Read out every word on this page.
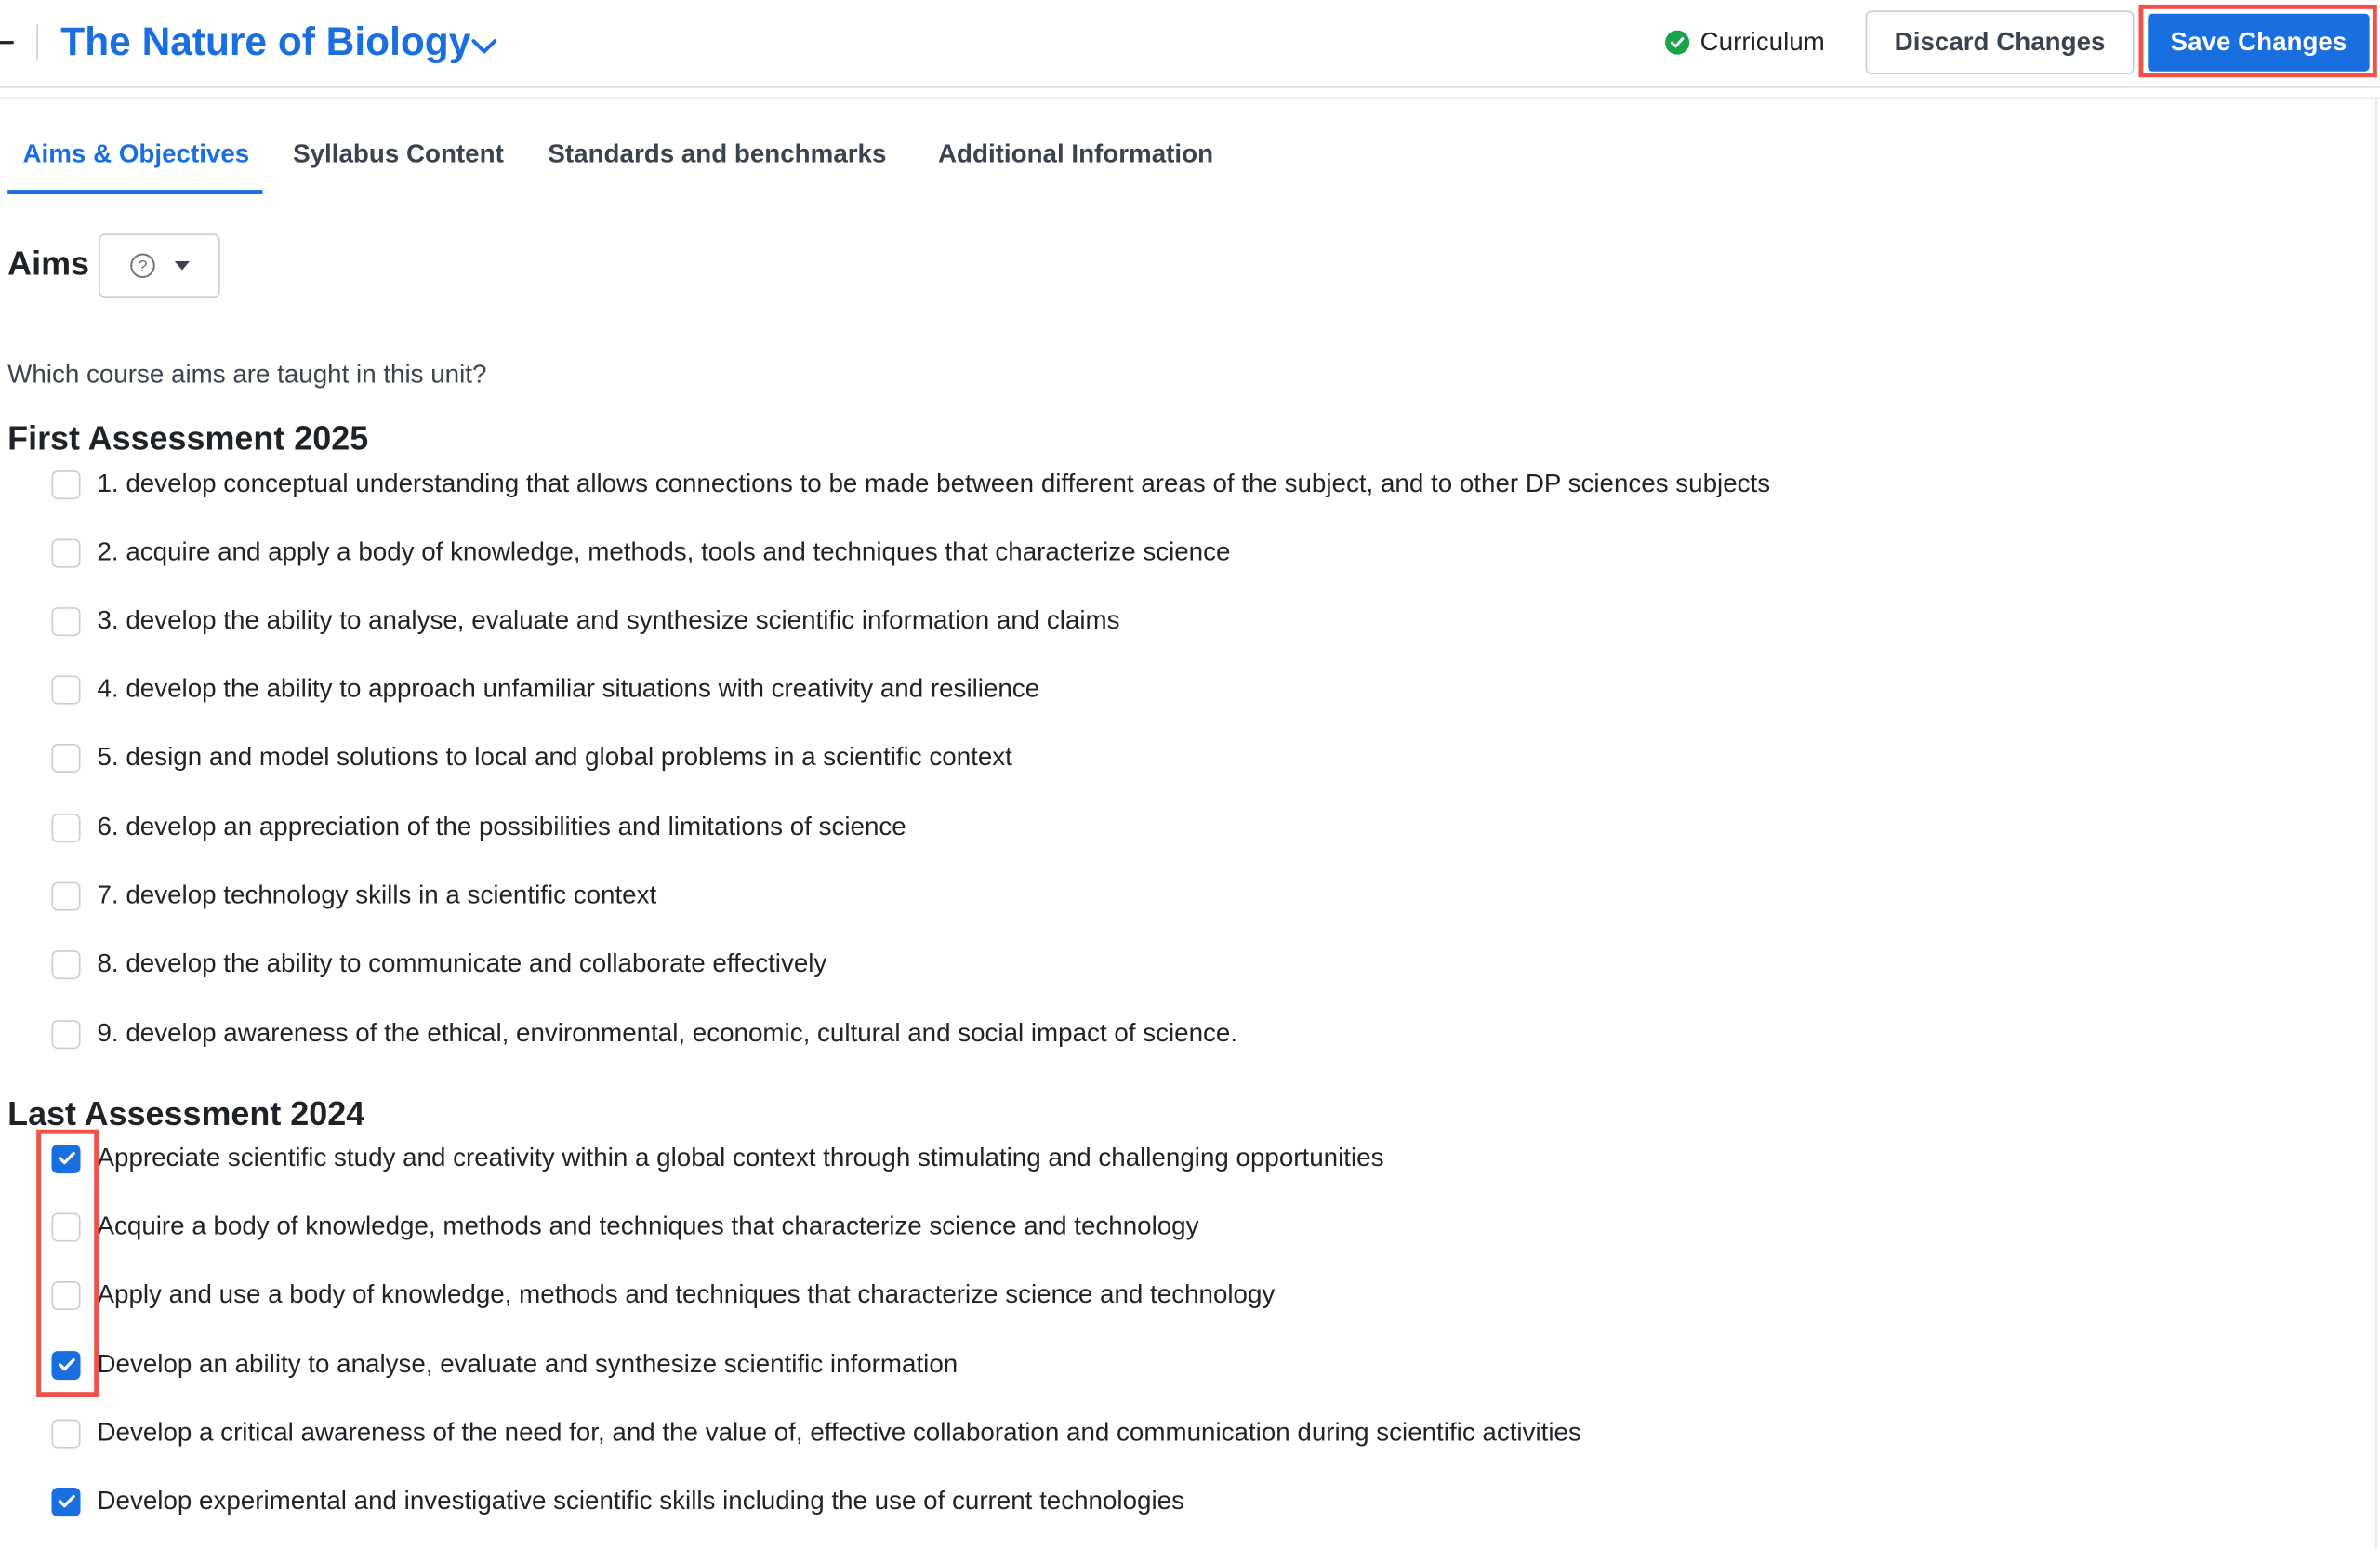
The Nature of Biology	Curriculum	Discard Changes	Save Changes
Aims & Objectives	Syllabus Content	Standards and benchmarks	Additional Information
Aims	?
Which course aims are taught in this unit?
First Assessment 2025
1. develop conceptual understanding that allows connections to be made between different areas of the subject, and to other DP sciences subjects
2. acquire and apply a body of knowledge, methods, tools and techniques that characterize science
3. develop the ability to analyse, evaluate and synthesize scientific information and claims
4. develop the ability to approach unfamiliar situations with creativity and resilience
5. design and model solutions to local and global problems in a scientific context
6. develop an appreciation of the possibilities and limitations of science
7. develop technology skills in a scientific context
8. develop the ability to communicate and collaborate effectively
9. develop awareness of the ethical, environmental, economic, cultural and social impact of science.
Last Assessment 2024
Appreciate scientific study and creativity within a global context through stimulating and challenging opportunities
Acquire a body of knowledge, methods and techniques that characterize science and technology
Apply and use a body of knowledge, methods and techniques that characterize science and technology
Develop an ability to analyse, evaluate and synthesize scientific information
Develop a critical awareness of the need for, and the value of, effective collaboration and communication during scientific activities
Develop experimental and investigative scientific skills including the use of current technologies
